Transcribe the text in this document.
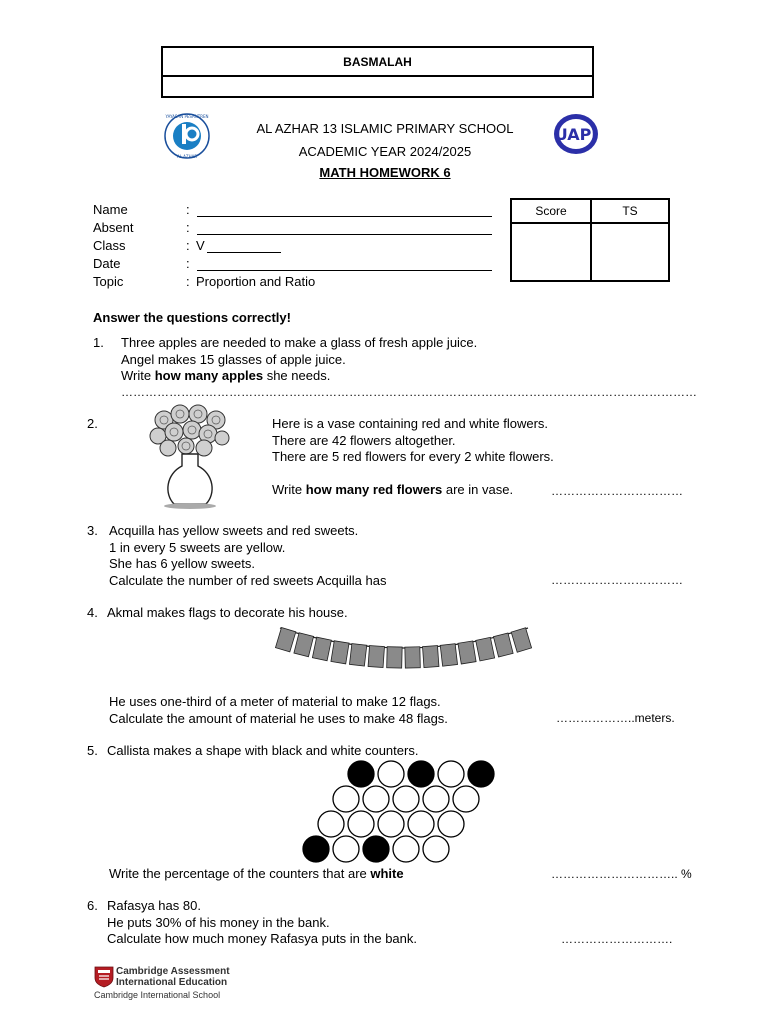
BASMALAH
YAYASAN PESANTREN
AL AZHAR
UAPI
AL AZHAR 13 ISLAMIC PRIMARY SCHOOL
ACADEMIC YEAR 2024/2025
MATH HOMEWORK 6
Name	:
Absent	:
Class	: V
Date	:
Topic	: Proportion and Ratio
Score	TS
Answer the questions correctly!
1. Three apples are needed to make a glass of fresh apple juice.
Angel makes 15 glasses of apple juice.
Write how many apples she needs.
………………………………………………………………………………………………………………………………
2.	Here is a vase containing red and white flowers.
There are 42 flowers altogether.
There are 5 red flowers for every 2 white flowers.
Write how many red flowers are in vase.	……………………………
3. Acquilla has yellow sweets and red sweets.
1 in every 5 sweets are yellow.
She has 6 yellow sweets.
Calculate the number of red sweets Acquilla has	……………………………
4. Akmal makes flags to decorate his house.
He uses one-third of a meter of material to make 12 flags.
Calculate the amount of material he uses to make 48 flags.	………………..meters.
5. Callista makes a shape with black and white counters.
Write the percentage of the counters that are white	………………………….. %
6. Rafasya has 80.
He puts 30% of his money in the bank.
Calculate how much money Rafasya puts in the bank.	……………………….
Cambridge Assessment
International Education
Cambridge International School
